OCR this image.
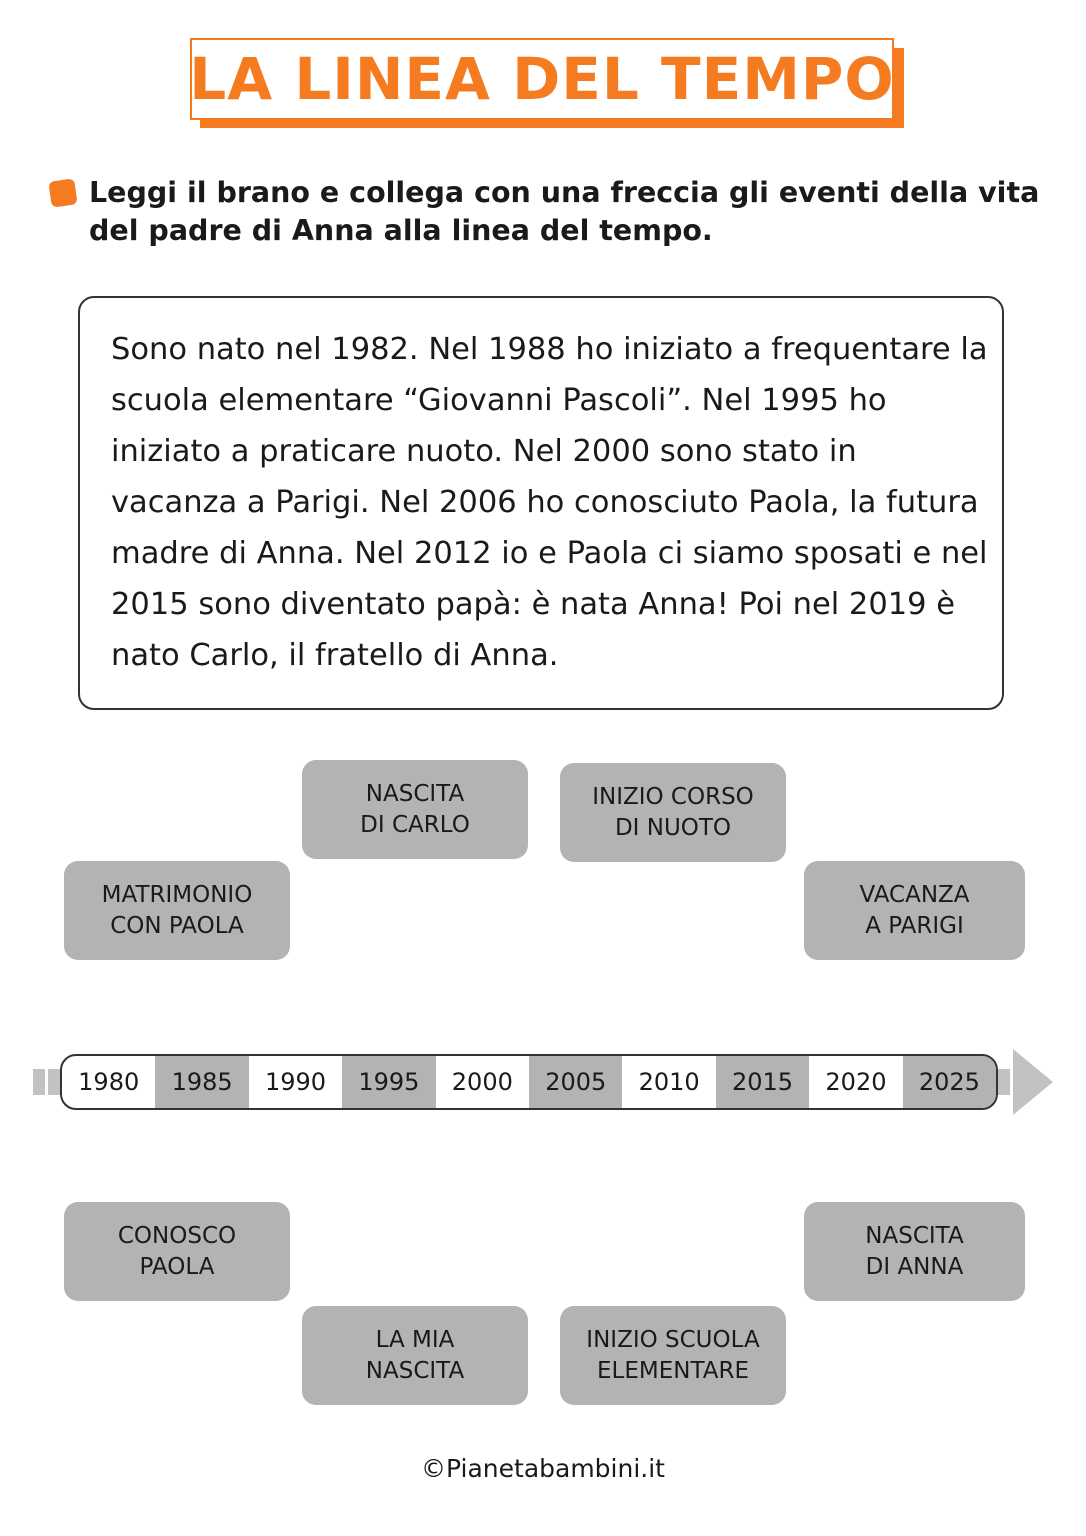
LA LINEA DEL TEMPO
Leggi il brano e collega con una freccia gli eventi della vita del padre di Anna alla linea del tempo.

Sono nato nel 1982. Nel 1988 ho iniziato a frequentare la scuola elementare “Giovanni Pascoli”. Nel 1995 ho iniziato a praticare nuoto. Nel 2000 sono stato in vacanza a Parigi. Nel 2006 ho conosciuto Paola, la futura madre di Anna. Nel 2012 io e Paola ci siamo sposati e nel 2015 sono diventato papà: è nata Anna! Poi nel 2019 è nato Carlo, il fratello di Anna.

NASCITA
DI CARLO
INIZIO CORSO
DI NUOTO
MATRIMONIO
CON PAOLA
VACANZA
A PARIGI
1980	1985	1990	1995	2000	2005	2010	2015	2020	2025
CONOSCO
PAOLA
NASCITA
DI ANNA
LA MIA
NASCITA
INIZIO SCUOLA
ELEMENTARE
©Pianetabambini.it
